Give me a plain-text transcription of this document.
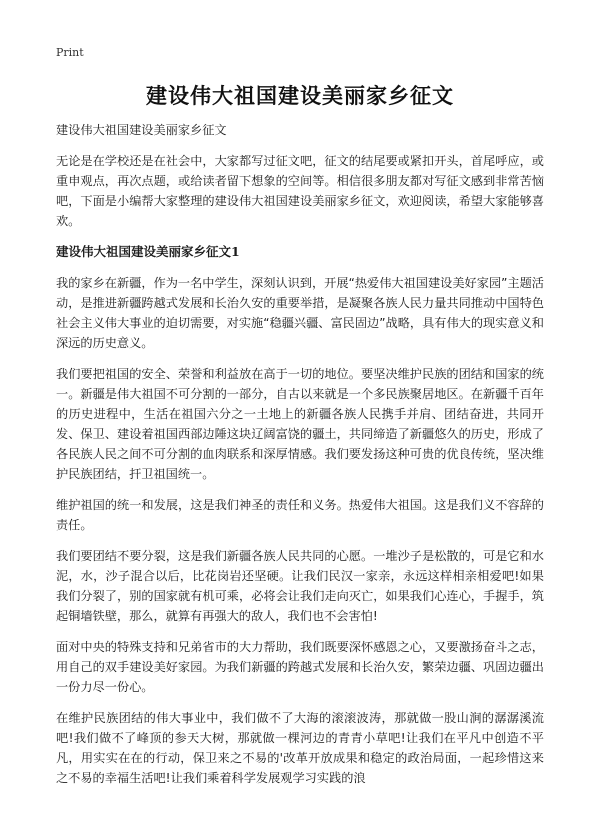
Print
建设伟大祖国建设美丽家乡征文

建设伟大祖国建设美丽家乡征文

无论是在学校还是在社会中，大家都写过征文吧，征文的结尾要或紧扣开头，首尾呼应，或重申观点，再次点题，或给读者留下想象的空间等。相信很多朋友都对写征文感到非常苦恼吧，下面是小编帮大家整理的建设伟大祖国建设美丽家乡征文，欢迎阅读，希望大家能够喜欢。

建设伟大祖国建设美丽家乡征文1

我的家乡在新疆，作为一名中学生，深刻认识到，开展“热爱伟大祖国建设美好家园”主题活动，是推进新疆跨越式发展和长治久安的重要举措，是凝聚各族人民力量共同推动中国特色社会主义伟大事业的迫切需要，对实施“稳疆兴疆、富民固边”战略，具有伟大的现实意义和深远的历史意义。

我们要把祖国的安全、荣誉和利益放在高于一切的地位。要坚决维护民族的团结和国家的统一。新疆是伟大祖国不可分割的一部分，自古以来就是一个多民族聚居地区。在新疆千百年的历史进程中，生活在祖国六分之一土地上的新疆各族人民携手并肩、团结奋进，共同开发、保卫、建设着祖国西部边陲这块辽阔富饶的疆土，共同缔造了新疆悠久的历史，形成了各民族人民之间不可分割的血肉联系和深厚情感。我们要发扬这种可贵的优良传统，坚决维护民族团结，扞卫祖国统一。

维护祖国的统一和发展，这是我们神圣的责任和义务。热爱伟大祖国。这是我们义不容辞的责任。

我们要团结不要分裂，这是我们新疆各族人民共同的心愿。一堆沙子是松散的，可是它和水泥，水，沙子混合以后，比花岗岩还坚硬。让我们民汉一家亲，永远这样相亲相爱吧!如果我们分裂了，别的国家就有机可乘，必将会让我们走向灭亡，如果我们心连心，手握手，筑起铜墙铁壁，那么，就算有再强大的敌人，我们也不会害怕!

面对中央的特殊支持和兄弟省市的大力帮助，我们既要深怀感恩之心，又要激扬奋斗之志，用自己的双手建设美好家园。为我们新疆的跨越式发展和长治久安，繁荣边疆、巩固边疆出一份力尽一份心。

在维护民族团结的伟大事业中，我们做不了大海的滚滚波涛，那就做一股山涧的潺潺溪流吧!我们做不了峰顶的参天大树，那就做一棵河边的青青小草吧!让我们在平凡中创造不平凡，用实实在在的行动，保卫来之不易的'改革开放成果和稳定的政治局面，一起珍惜这来之不易的幸福生活吧!让我们乘着科学发展观学习实践的浪
